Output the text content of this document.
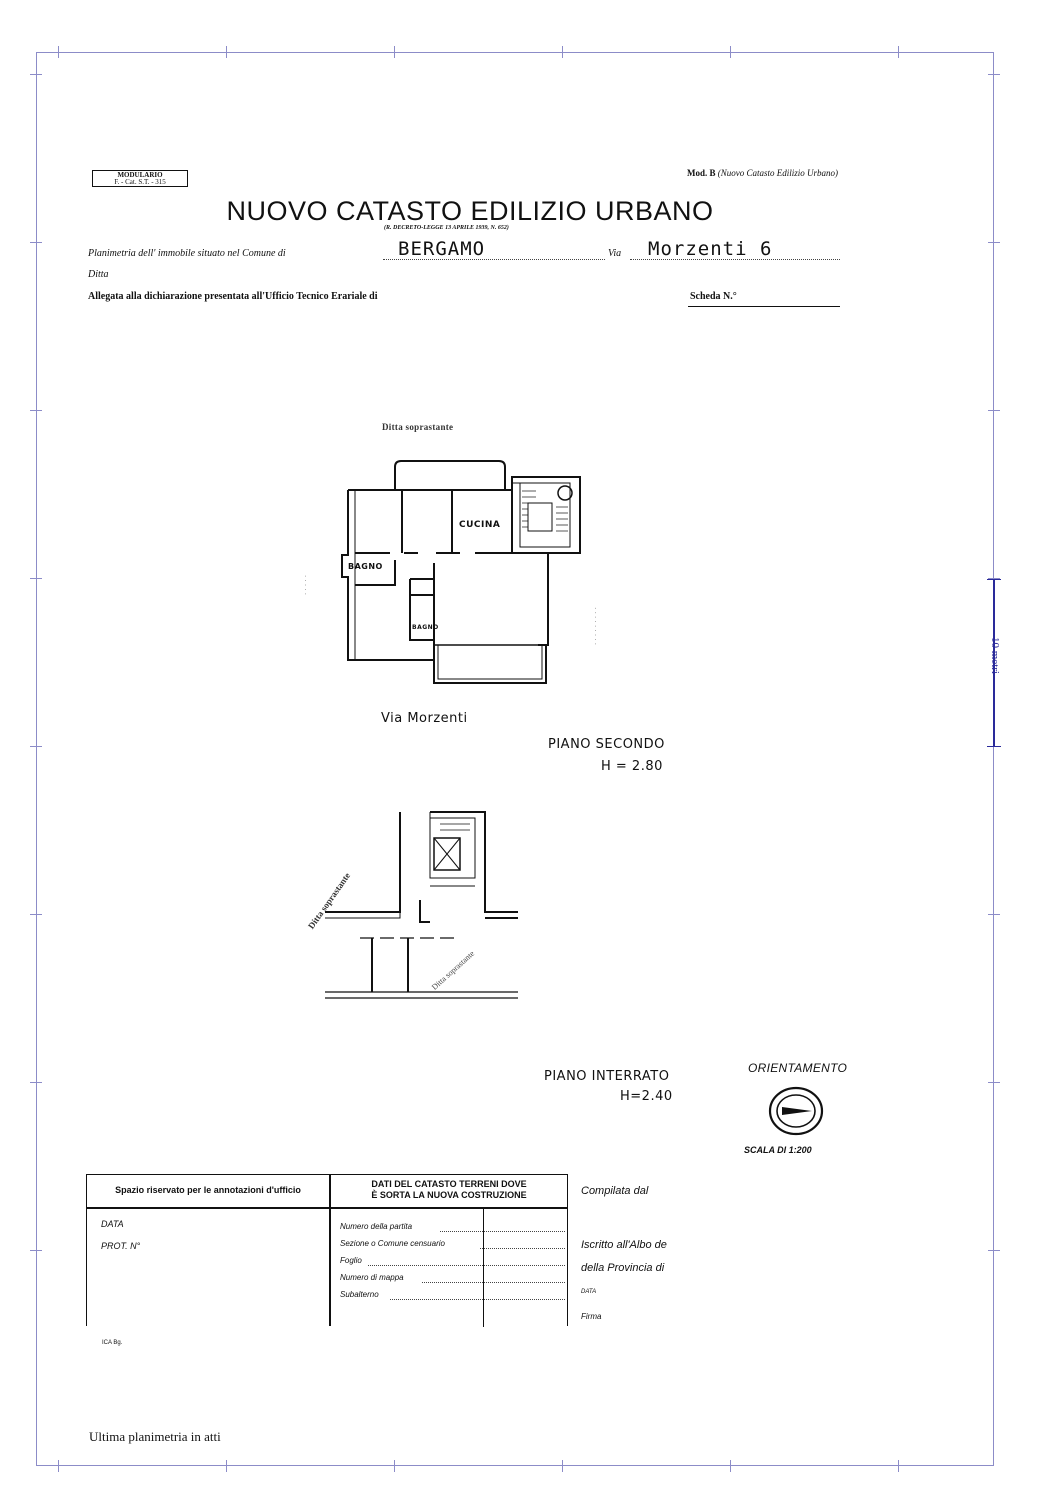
MODULARIO
F. - Cat. S.T. - 315
Mod. B (Nuovo Catasto Edilizio Urbano)
NUOVO CATASTO EDILIZIO URBANO
(R. DECRETO-LEGGE 13 APRILE 1939, N. 652)
Planimetria dell' immobile situato nel Comune di	BERGAMO	Via Morzenti 6
Ditta
Allegata alla dichiarazione presentata all'Ufficio Tecnico Erariale di	Scheda N.°
Ditta soprastante
· · · · ·
· · · · · · · · ·
CUCINA
BAGNO
BAGNO
Via Morzenti
PIANO SECONDO
H = 2.80
Ditta soprastante
Ditta soprastante
PIANO INTERRATO
H=2.40
ORIENTAMENTO
SCALA DI 1:200
10 metri
Spazio riservato per le annotazioni d'ufficio
DATI DEL CATASTO TERRENI DOVE
È SORTA LA NUOVA COSTRUZIONE
DATA
PROT. N°
Numero della partita
Sezione o Comune censuario
Foglio
Numero di mappa
Subalterno
ICA Bg.
Compilata dal
Iscritto all'Albo de
della Provincia di
DATA
Firma
Ultima planimetria in atti
